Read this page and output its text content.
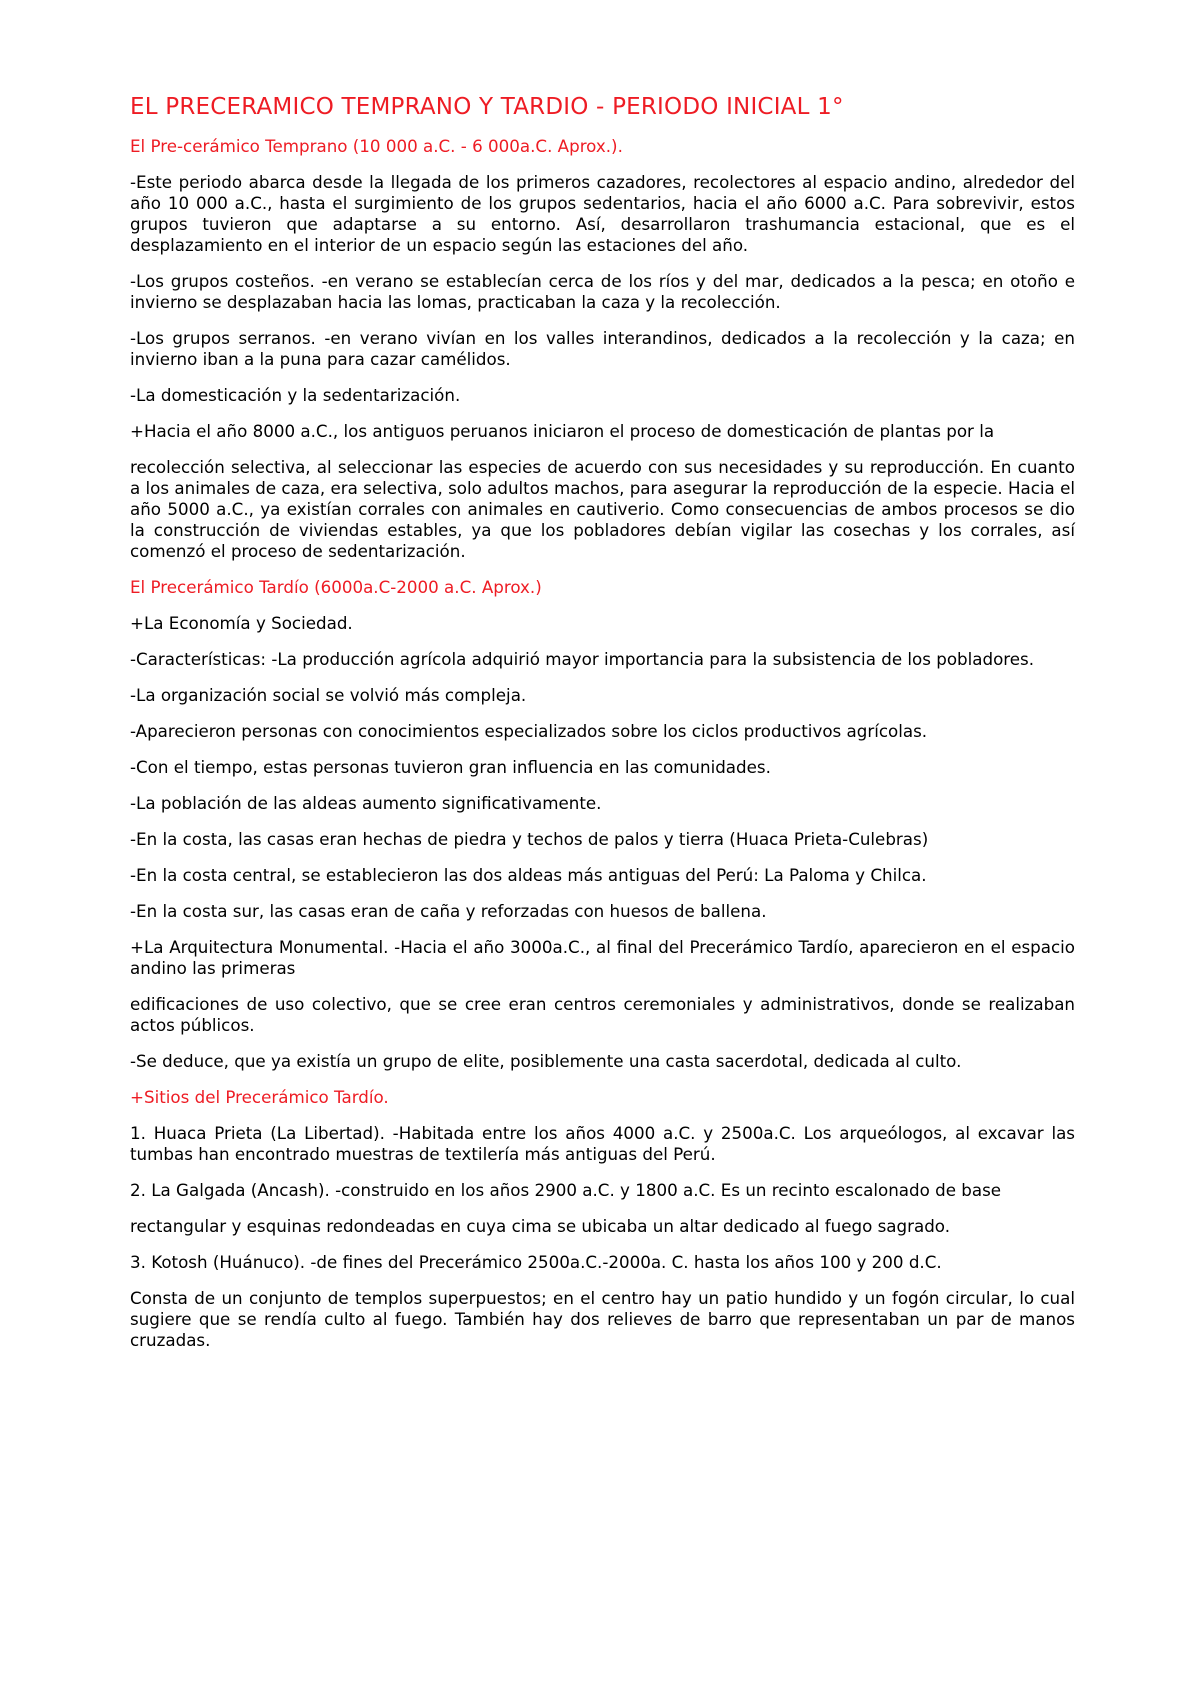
EL PRECERAMICO TEMPRANO Y TARDIO - PERIODO INICIAL 1°

El Pre-cerámico Temprano (10 000 a.C. - 6 000a.C. Aprox.).

-Este periodo abarca desde la llegada de los primeros cazadores, recolectores al espacio andino, alrededor del año 10 000 a.C., hasta el surgimiento de los grupos sedentarios, hacia el año 6000 a.C. Para sobrevivir, estos grupos tuvieron que adaptarse a su entorno. Así, desarrollaron trashumancia estacional, que es el desplazamiento en el interior de un espacio según las estaciones del año.

-Los grupos costeños. -en verano se establecían cerca de los ríos y del mar, dedicados a la pesca; en otoño e invierno se desplazaban hacia las lomas, practicaban la caza y la recolección.

-Los grupos serranos. -en verano vivían en los valles interandinos, dedicados a la recolección y la caza; en invierno iban a la puna para cazar camélidos.

-La domesticación y la sedentarización.

+Hacia el año 8000 a.C., los antiguos peruanos iniciaron el proceso de domesticación de plantas por la

recolección selectiva, al seleccionar las especies de acuerdo con sus necesidades y su reproducción. En cuanto a los animales de caza, era selectiva, solo adultos machos, para asegurar la reproducción de la especie. Hacia el año 5000 a.C., ya existían corrales con animales en cautiverio. Como consecuencias de ambos procesos se dio la construcción de viviendas estables, ya que los pobladores debían vigilar las cosechas y los corrales, así comenzó el proceso de sedentarización.

El Precerámico Tardío (6000a.C-2000 a.C. Aprox.)

+La Economía y Sociedad.

-Características: -La producción agrícola adquirió mayor importancia para la subsistencia de los pobladores.

-La organización social se volvió más compleja.

-Aparecieron personas con conocimientos especializados sobre los ciclos productivos agrícolas.

-Con el tiempo, estas personas tuvieron gran influencia en las comunidades.

-La población de las aldeas aumento significativamente.

-En la costa, las casas eran hechas de piedra y techos de palos y tierra (Huaca Prieta-Culebras)

-En la costa central, se establecieron las dos aldeas más antiguas del Perú: La Paloma y Chilca.

-En la costa sur, las casas eran de caña y reforzadas con huesos de ballena.

+La Arquitectura Monumental. -Hacia el año 3000a.C., al final del Precerámico Tardío, aparecieron en el espacio andino las primeras

edificaciones de uso colectivo, que se cree eran centros ceremoniales y administrativos, donde se realizaban actos públicos.

-Se deduce, que ya existía un grupo de elite, posiblemente una casta sacerdotal, dedicada al culto.

+Sitios del Precerámico Tardío.

1. Huaca Prieta (La Libertad). -Habitada entre los años 4000 a.C. y 2500a.C. Los arqueólogos, al excavar las tumbas han encontrado muestras de textilería más antiguas del Perú.

2. La Galgada (Ancash). -construido en los años 2900 a.C. y 1800 a.C. Es un recinto escalonado de base

rectangular y esquinas redondeadas en cuya cima se ubicaba un altar dedicado al fuego sagrado.

3. Kotosh (Huánuco). -de fines del Precerámico 2500a.C.-2000a. C. hasta los años 100 y 200 d.C.

Consta de un conjunto de templos superpuestos; en el centro hay un patio hundido y un fogón circular, lo cual sugiere que se rendía culto al fuego. También hay dos relieves de barro que representaban un par de manos cruzadas.
